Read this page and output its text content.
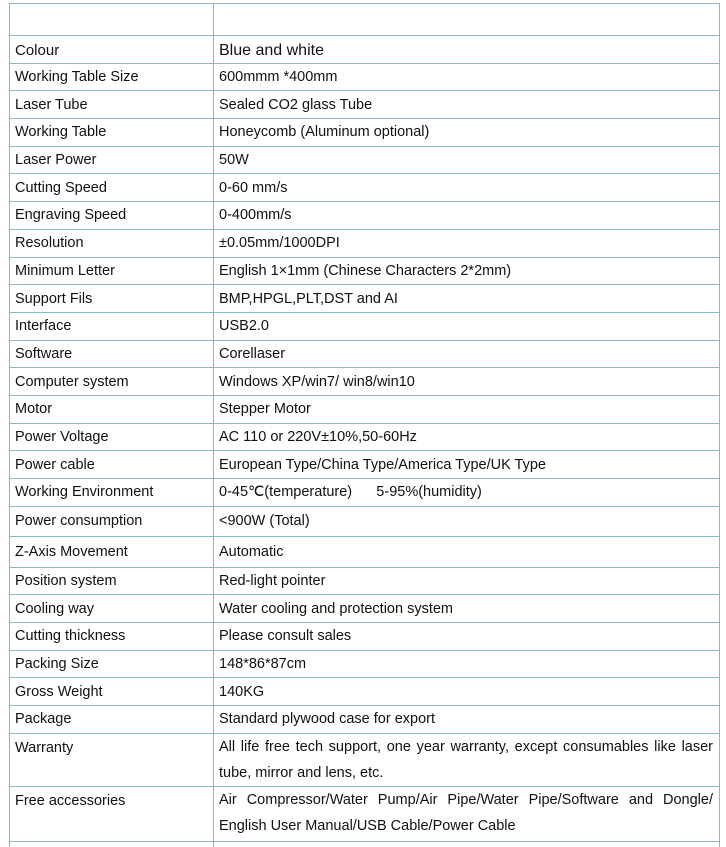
Colour	Blue and white
Working Table Size	600mmm *400mm
Laser Tube	Sealed CO2 glass Tube
Working Table	Honeycomb (Aluminum optional)
Laser Power	50W
Cutting Speed	0-60 mm/s
Engraving Speed	0-400mm/s
Resolution	±0.05mm/1000DPI
Minimum Letter	English 1×1mm (Chinese Characters 2*2mm)
Support Fils	BMP,HPGL,PLT,DST and AI
Interface	USB2.0
Software	Corellaser
Computer system	Windows XP/win7/ win8/win10
Motor	Stepper Motor
Power Voltage	AC 110 or 220V±10%,50-60Hz
Power cable	European Type/China Type/America Type/UK Type
Working Environment	0-45℃(temperature)      5-95%(humidity)
Power consumption	<900W (Total)
Z-Axis Movement	Automatic
Position system	Red-light pointer
Cooling way	Water cooling and protection system
Cutting thickness	Please consult sales
Packing Size	148*86*87cm
Gross Weight	140KG
Package	Standard plywood case for export
Warranty	All life free tech support, one year warranty, except consumables like laser tube, mirror and lens, etc.
Free accessories	Air Compressor/Water Pump/Air Pipe/Water Pipe/Software and Dongle/ English User Manual/USB Cable/Power Cable
